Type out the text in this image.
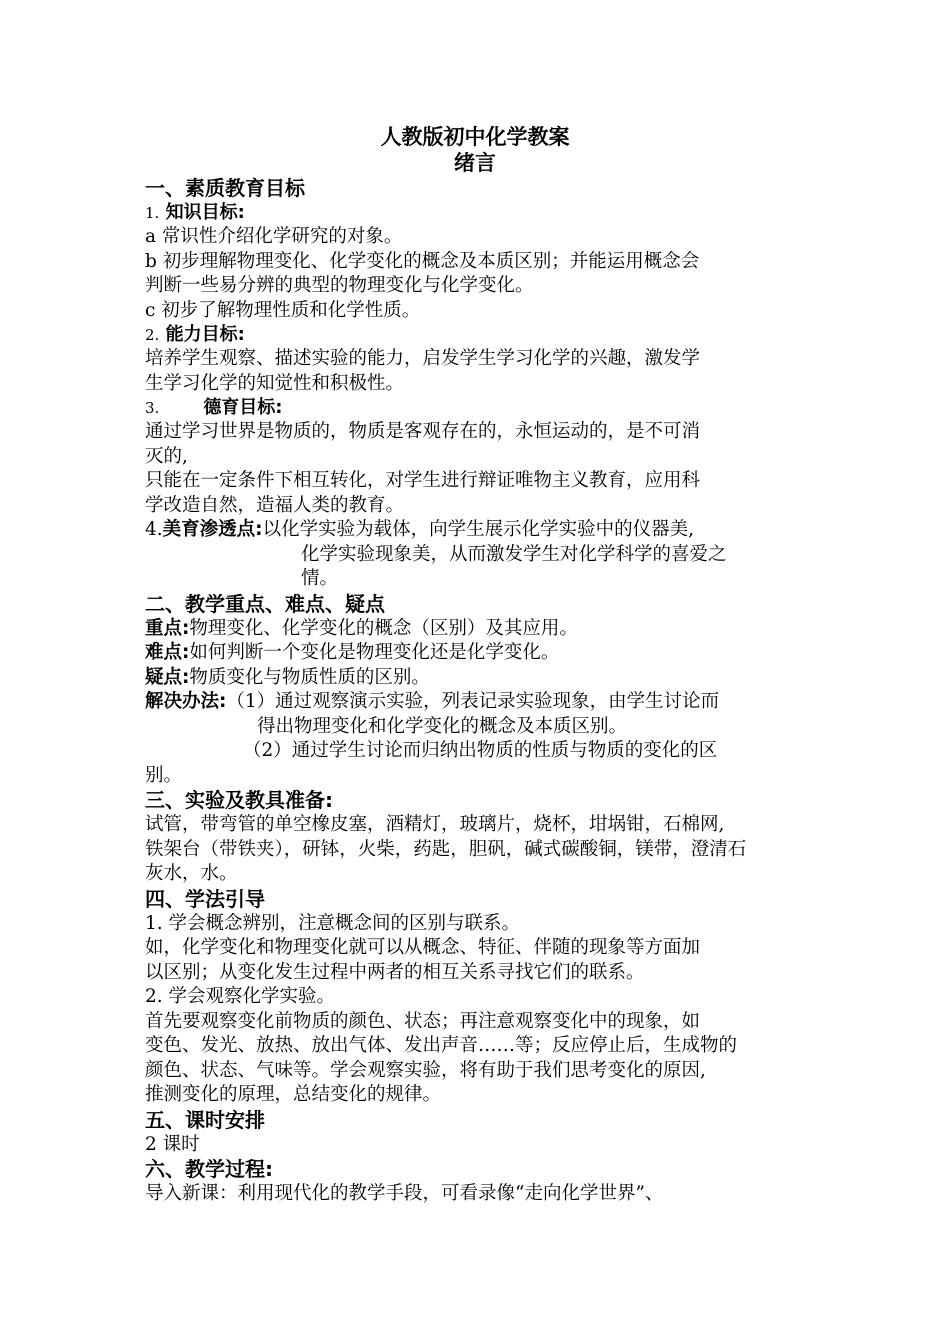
人教版初中化学教案
绪言
一、素质教育目标
1. 知识目标:
a 常识性介绍化学研究的对象。
b 初步理解物理变化、化学变化的概念及本质区别；并能运用概念会
判断一些易分辨的典型的物理变化与化学变化。
c 初步了解物理性质和化学性质。
2. 能力目标:
培养学生观察、描述实验的能力，启发学生学习化学的兴趣，激发学
生学习化学的知觉性和积极性。
3. 德育目标:
通过学习世界是物质的，物质是客观存在的，永恒运动的，是不可消
灭的,
只能在一定条件下相互转化，对学生进行辩证唯物主义教育，应用科
学改造自然，造福人类的教育。
4.美育渗透点:以化学实验为载体，向学生展示化学实验中的仪器美,
化学实验现象美，从而激发学生对化学科学的喜爱之
情。
二、教学重点、难点、疑点
重点:物理变化、化学变化的概念（区别）及其应用。
难点:如何判断一个变化是物理变化还是化学变化。
疑点:物质变化与物质性质的区别。
解决办法:（1）通过观察演示实验，列表记录实验现象，由学生讨论而
得出物理变化和化学变化的概念及本质区别。
（2）通过学生讨论而归纳出物质的性质与物质的变化的区
别。
三、实验及教具准备:
试管，带弯管的单空橡皮塞，酒精灯，玻璃片，烧杯，坩埚钳，石棉网,
铁架台（带铁夹），研钵，火柴，药匙，胆矾，碱式碳酸铜，镁带，澄清石
灰水，水。
四、学法引导
1. 学会概念辨别，注意概念间的区别与联系。
如，化学变化和物理变化就可以从概念、特征、伴随的现象等方面加
以区别；从变化发生过程中两者的相互关系寻找它们的联系。
2. 学会观察化学实验。
首先要观察变化前物质的颜色、状态；再注意观察变化中的现象，如
变色、发光、放热、放出气体、发出声音……等；反应停止后，生成物的
颜色、状态、气味等。学会观察实验，将有助于我们思考变化的原因,
推测变化的原理，总结变化的规律。
五、课时安排
2 课时
六、教学过程:
导入新课：利用现代化的教学手段，可看录像“走向化学世界”、
